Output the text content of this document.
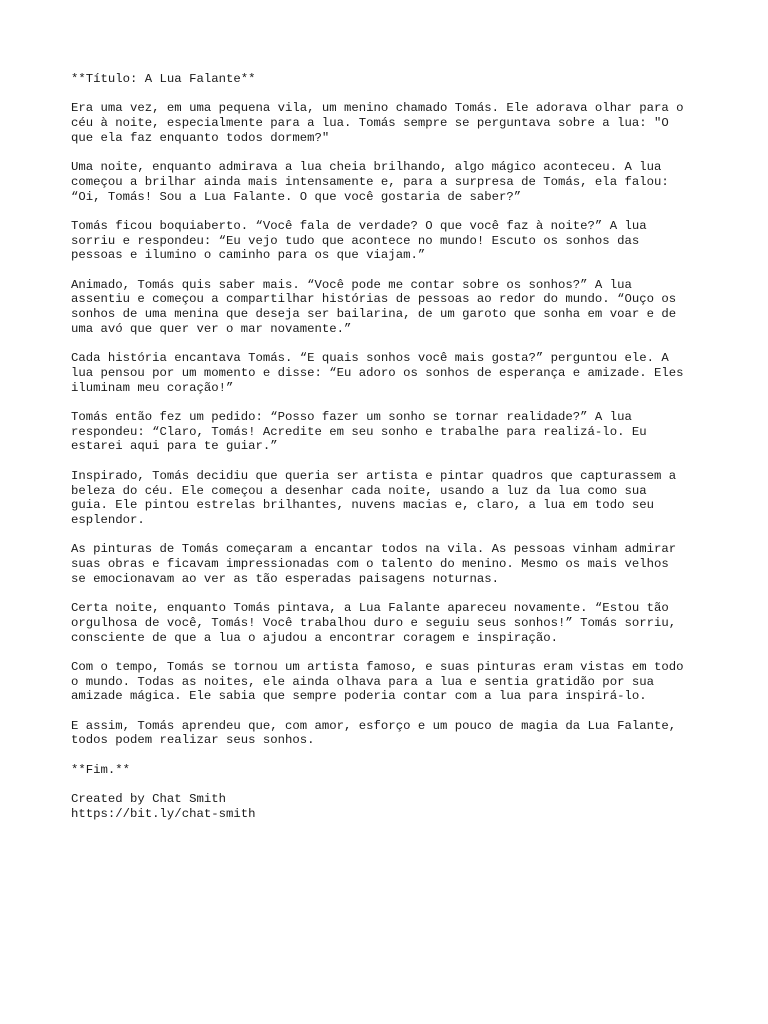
**Título: A Lua Falante**
Era uma vez, em uma pequena vila, um menino chamado Tomás. Ele adorava olhar para o
céu à noite, especialmente para a lua. Tomás sempre se perguntava sobre a lua: "O
que ela faz enquanto todos dormem?"
Uma noite, enquanto admirava a lua cheia brilhando, algo mágico aconteceu. A lua
começou a brilhar ainda mais intensamente e, para a surpresa de Tomás, ela falou:
“Oi, Tomás! Sou a Lua Falante. O que você gostaria de saber?”
Tomás ficou boquiaberto. “Você fala de verdade? O que você faz à noite?” A lua
sorriu e respondeu: “Eu vejo tudo que acontece no mundo! Escuto os sonhos das
pessoas e ilumino o caminho para os que viajam.”
Animado, Tomás quis saber mais. “Você pode me contar sobre os sonhos?” A lua
assentiu e começou a compartilhar histórias de pessoas ao redor do mundo. “Ouço os
sonhos de uma menina que deseja ser bailarina, de um garoto que sonha em voar e de
uma avó que quer ver o mar novamente.”
Cada história encantava Tomás. “E quais sonhos você mais gosta?” perguntou ele. A
lua pensou por um momento e disse: “Eu adoro os sonhos de esperança e amizade. Eles
iluminam meu coração!”
Tomás então fez um pedido: “Posso fazer um sonho se tornar realidade?” A lua
respondeu: “Claro, Tomás! Acredite em seu sonho e trabalhe para realizá-lo. Eu
estarei aqui para te guiar.”
Inspirado, Tomás decidiu que queria ser artista e pintar quadros que capturassem a
beleza do céu. Ele começou a desenhar cada noite, usando a luz da lua como sua
guia. Ele pintou estrelas brilhantes, nuvens macias e, claro, a lua em todo seu
esplendor.
As pinturas de Tomás começaram a encantar todos na vila. As pessoas vinham admirar
suas obras e ficavam impressionadas com o talento do menino. Mesmo os mais velhos
se emocionavam ao ver as tão esperadas paisagens noturnas.
Certa noite, enquanto Tomás pintava, a Lua Falante apareceu novamente. “Estou tão
orgulhosa de você, Tomás! Você trabalhou duro e seguiu seus sonhos!” Tomás sorriu,
consciente de que a lua o ajudou a encontrar coragem e inspiração.
Com o tempo, Tomás se tornou um artista famoso, e suas pinturas eram vistas em todo
o mundo. Todas as noites, ele ainda olhava para a lua e sentia gratidão por sua
amizade mágica. Ele sabia que sempre poderia contar com a lua para inspirá-lo.
E assim, Tomás aprendeu que, com amor, esforço e um pouco de magia da Lua Falante,
todos podem realizar seus sonhos.
**Fim.**
Created by Chat Smith
https://bit.ly/chat-smith
